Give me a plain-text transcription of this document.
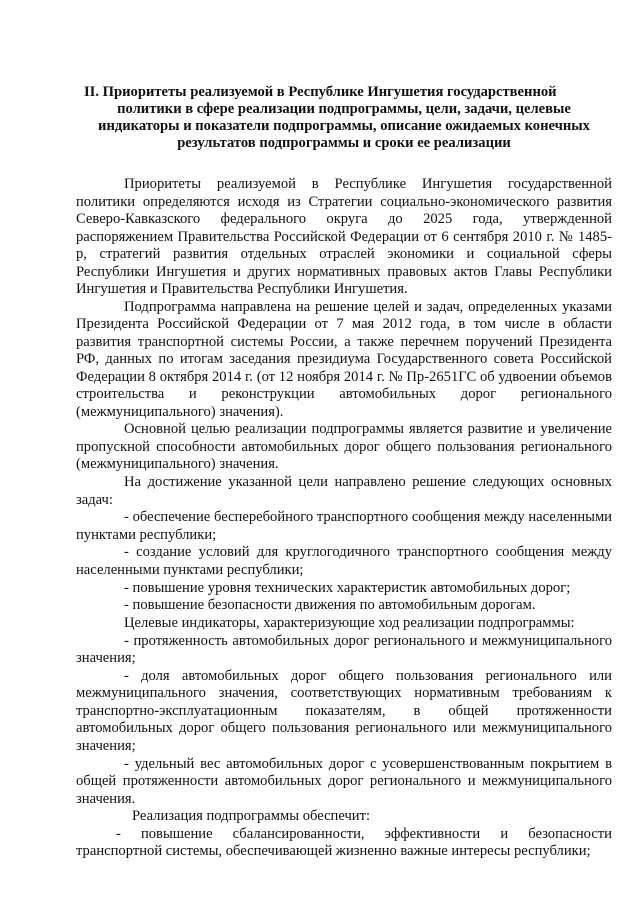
II. Приоритеты реализуемой в Республике Ингушетия государственной
политики в сфере реализации подпрограммы, цели, задачи, целевые
индикаторы и показатели подпрограммы, описание ожидаемых конечных
результатов подпрограммы и сроки ее реализации

Приоритеты реализуемой в Республике Ингушетия государственной политики определяются исходя из Стратегии социально-экономического развития Северо-Кавказского федерального округа до 2025 года, утвержденной распоряжением Правительства Российской Федерации от 6 сентября 2010 г. № 1485-р, стратегий развития отдельных отраслей экономики и социальной сферы Республики Ингушетия и других нормативных правовых актов Главы Республики Ингушетия и Правительства Республики Ингушетия.

Подпрограмма направлена на решение целей и задач, определенных указами Президента Российской Федерации от 7 мая 2012 года, в том числе в области развития транспортной системы России, а также перечнем поручений Президента РФ, данных по итогам заседания президиума Государственного совета Российской Федерации 8 октября 2014 г. (от 12 ноября 2014 г. № Пр-2651ГС об удвоении объемов строительства и реконструкции автомобильных дорог регионального (межмуниципального) значения).

Основной целью реализации подпрограммы является развитие и увеличение пропускной способности автомобильных дорог общего пользования регионального (межмуниципального) значения.

На достижение указанной цели направлено решение следующих основных задач:

- обеспечение бесперебойного транспортного сообщения между населенными пунктами республики;

- создание условий для круглогодичного транспортного сообщения между населенными пунктами республики;

- повышение уровня технических характеристик автомобильных дорог;

- повышение безопасности движения по автомобильным дорогам.

Целевые индикаторы, характеризующие ход реализации подпрограммы:

- протяженность автомобильных дорог регионального и межмуниципального значения;

- доля автомобильных дорог общего пользования регионального или межмуниципального значения, соответствующих нормативным требованиям к транспортно-эксплуатационным показателям, в общей протяженности автомобильных дорог общего пользования регионального или межмуниципального значения;

- удельный вес автомобильных дорог с усовершенствованным покрытием в общей протяженности автомобильных дорог регионального и межмуниципального значения.

Реализация подпрограммы обеспечит:

- повышение сбалансированности, эффективности и безопасности транспортной системы, обеспечивающей жизненно важные интересы республики;
